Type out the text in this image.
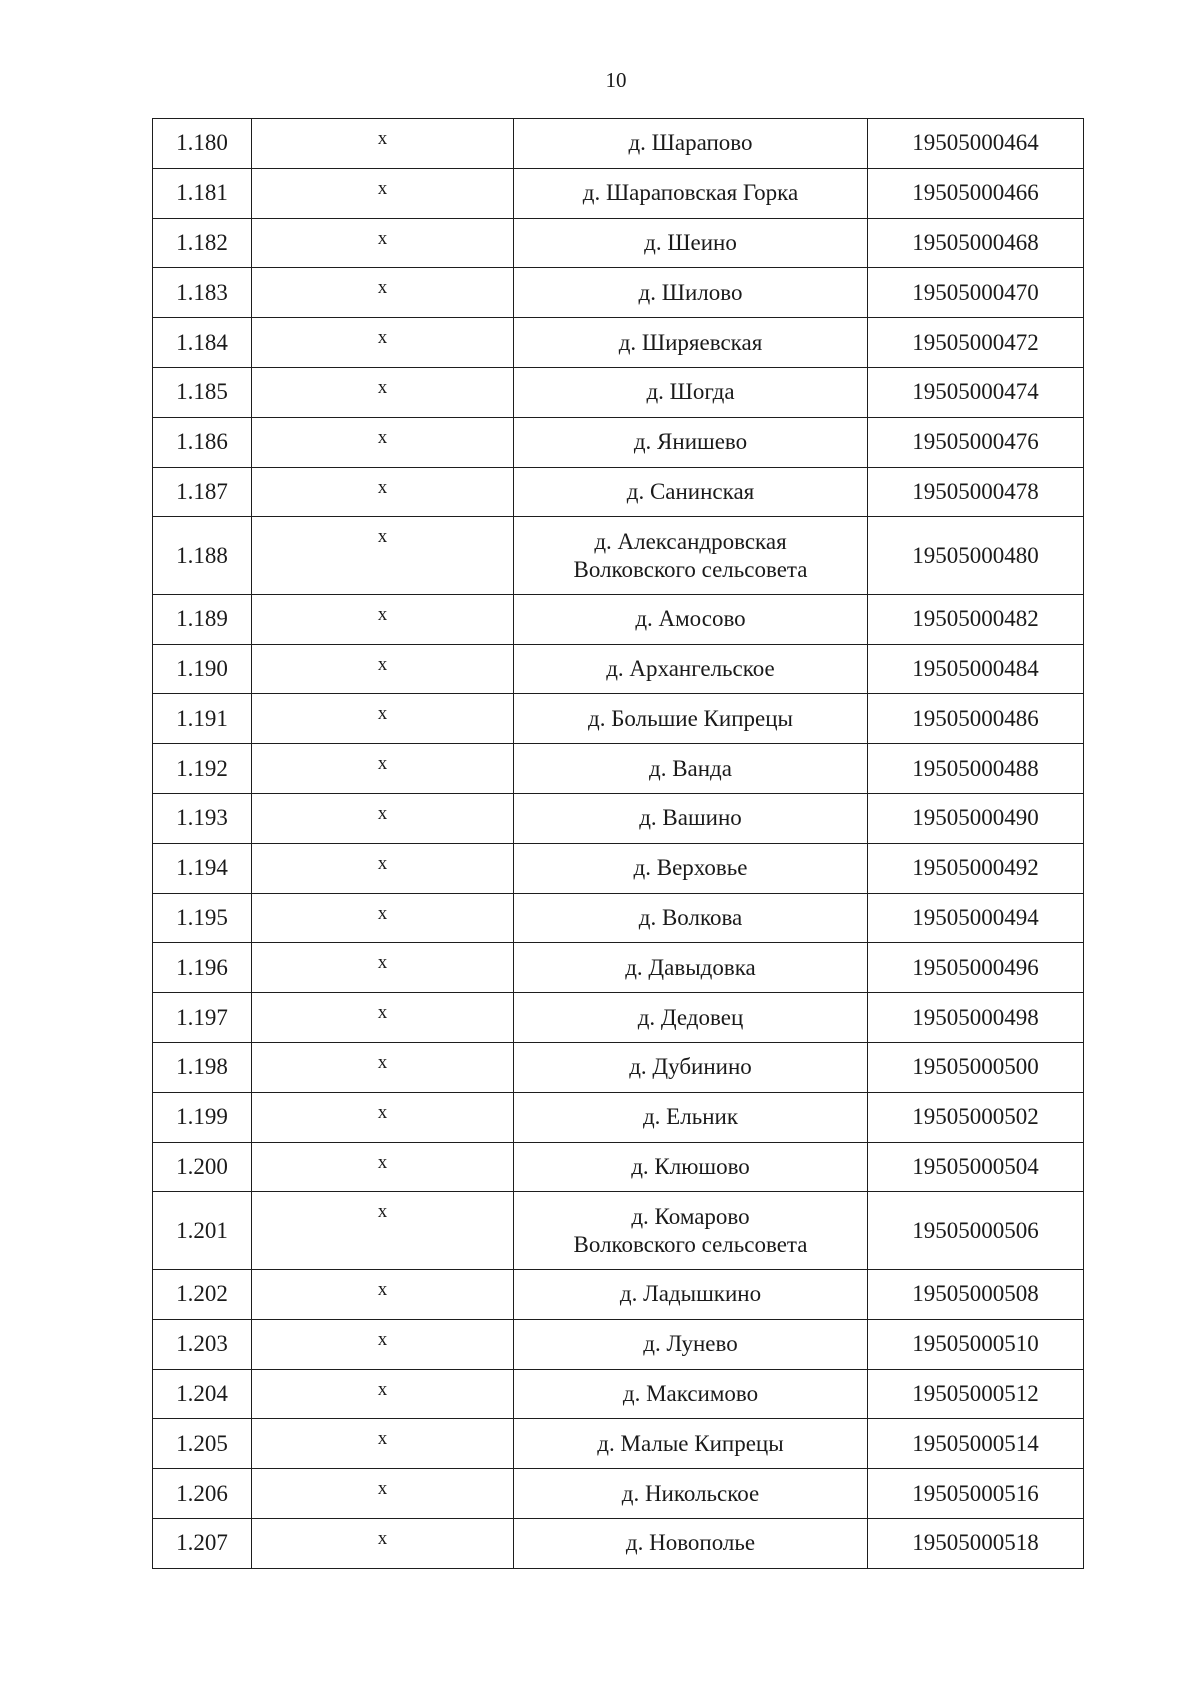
10
1.180	x	д. Шарапово	19505000464
1.181	x	д. Шараповская Горка	19505000466
1.182	x	д. Шеино	19505000468
1.183	x	д. Шилово	19505000470
1.184	x	д. Ширяевская	19505000472
1.185	x	д. Шогда	19505000474
1.186	x	д. Янишево	19505000476
1.187	x	д. Санинская	19505000478
1.188	x	д. Александровская
Волковского сельсовета	19505000480
1.189	x	д. Амосово	19505000482
1.190	x	д. Архангельское	19505000484
1.191	x	д. Большие Кипрецы	19505000486
1.192	x	д. Ванда	19505000488
1.193	x	д. Вашино	19505000490
1.194	x	д. Верховье	19505000492
1.195	x	д. Волкова	19505000494
1.196	x	д. Давыдовка	19505000496
1.197	x	д. Дедовец	19505000498
1.198	x	д. Дубинино	19505000500
1.199	x	д. Ельник	19505000502
1.200	x	д. Клюшово	19505000504
1.201	x	д. Комарово
Волковского сельсовета	19505000506
1.202	x	д. Ладышкино	19505000508
1.203	x	д. Лунево	19505000510
1.204	x	д. Максимово	19505000512
1.205	x	д. Малые Кипрецы	19505000514
1.206	x	д. Никольское	19505000516
1.207	x	д. Новополье	19505000518
